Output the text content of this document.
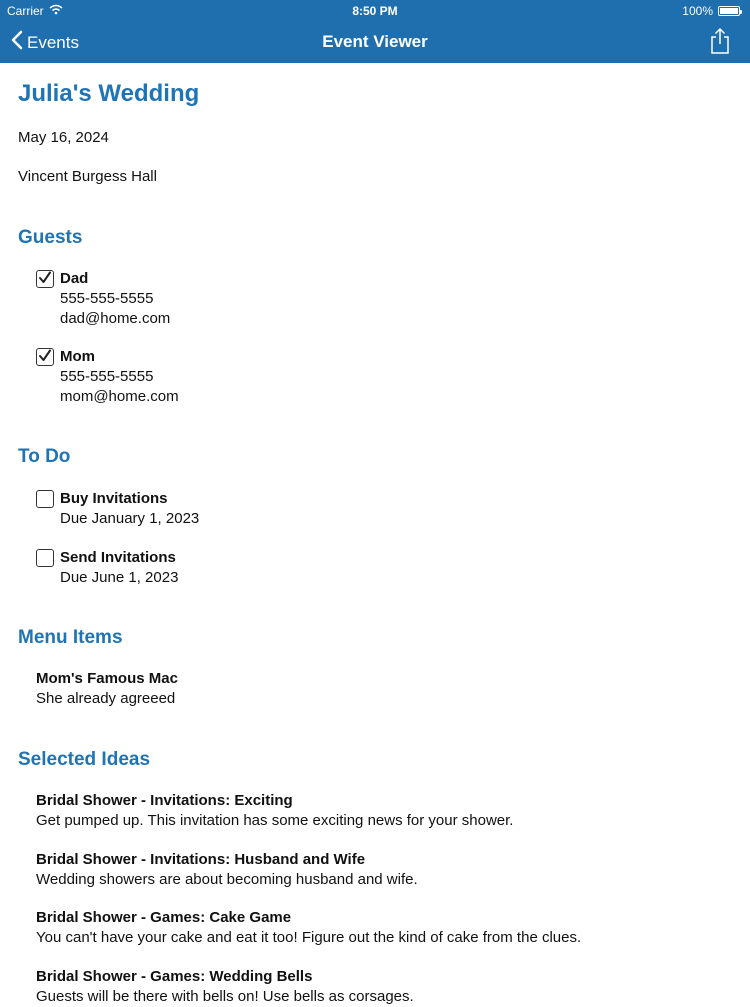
Carrier	8:50 PM	100%
Events	Event Viewer
Julia's Wedding
May 16, 2024
Vincent Burgess Hall
Guests
Dad
555-555-5555
dad@home.com
Mom
555-555-5555
mom@home.com
To Do
Buy Invitations
Due January 1, 2023
Send Invitations
Due June 1, 2023
Menu Items
Mom's Famous Mac
She already agreeed
Selected Ideas
Bridal Shower - Invitations: Exciting
Get pumped up. This invitation has some exciting news for your shower.
Bridal Shower - Invitations: Husband and Wife
Wedding showers are about becoming husband and wife.
Bridal Shower - Games: Cake Game
You can't have your cake and eat it too! Figure out the kind of cake from the clues.
Bridal Shower - Games: Wedding Bells
Guests will be there with bells on! Use bells as corsages.
